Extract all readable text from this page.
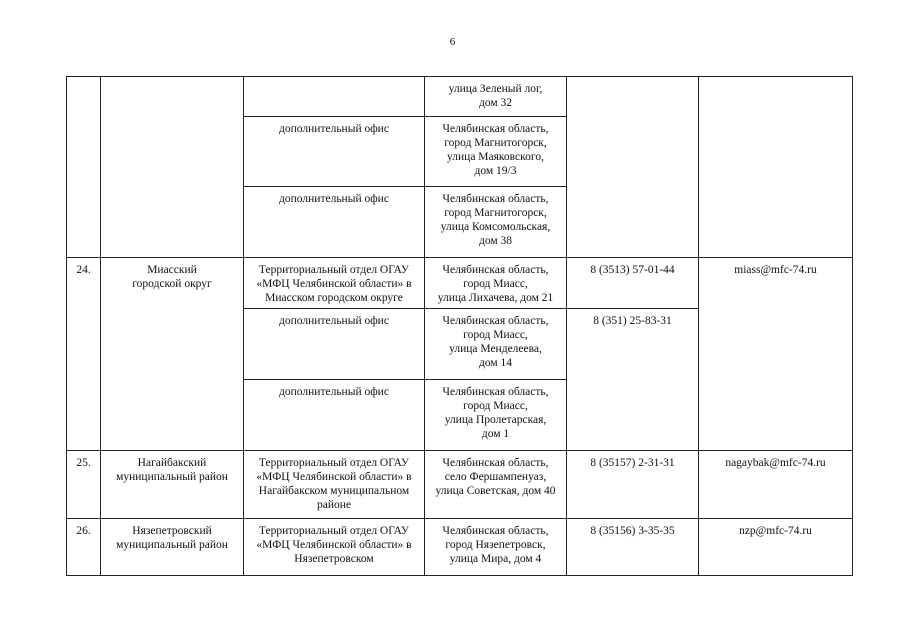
6
			улица Зеленый лог,
дом 32		
		дополнительный офис	Челябинская область,
город Магнитогорск,
улица Маяковского,
дом 19/3		
		дополнительный офис	Челябинская область,
город Магнитогорск,
улица Комсомольская,
дом 38		
24.	Миасский
городской округ	Территориальный отдел ОГАУ
«МФЦ Челябинской области» в
Миасском городском округе	Челябинская область,
город Миасс,
улица Лихачева, дом 21	8 (3513) 57-01-44	miass@mfc-74.ru
		дополнительный офис	Челябинская область,
город Миасс,
улица Менделеева,
дом 14	8 (351) 25-83-31	
		дополнительный офис	Челябинская область,
город Миасс,
улица Пролетарская,
дом 1		
25.	Нагайбакский
муниципальный район	Территориальный отдел ОГАУ
«МФЦ Челябинской области» в
Нагайбакском муниципальном
районе	Челябинская область,
село Фершампенуаз,
улица Советская, дом 40	8 (35157) 2-31-31	nagaybak@mfc-74.ru
26.	Нязепетровский
муниципальный район	Территориальный отдел ОГАУ
«МФЦ Челябинской области» в
Нязепетровском	Челябинская область,
город Нязепетровск,
улица Мира, дом 4	8 (35156) 3-35-35	nzp@mfc-74.ru
